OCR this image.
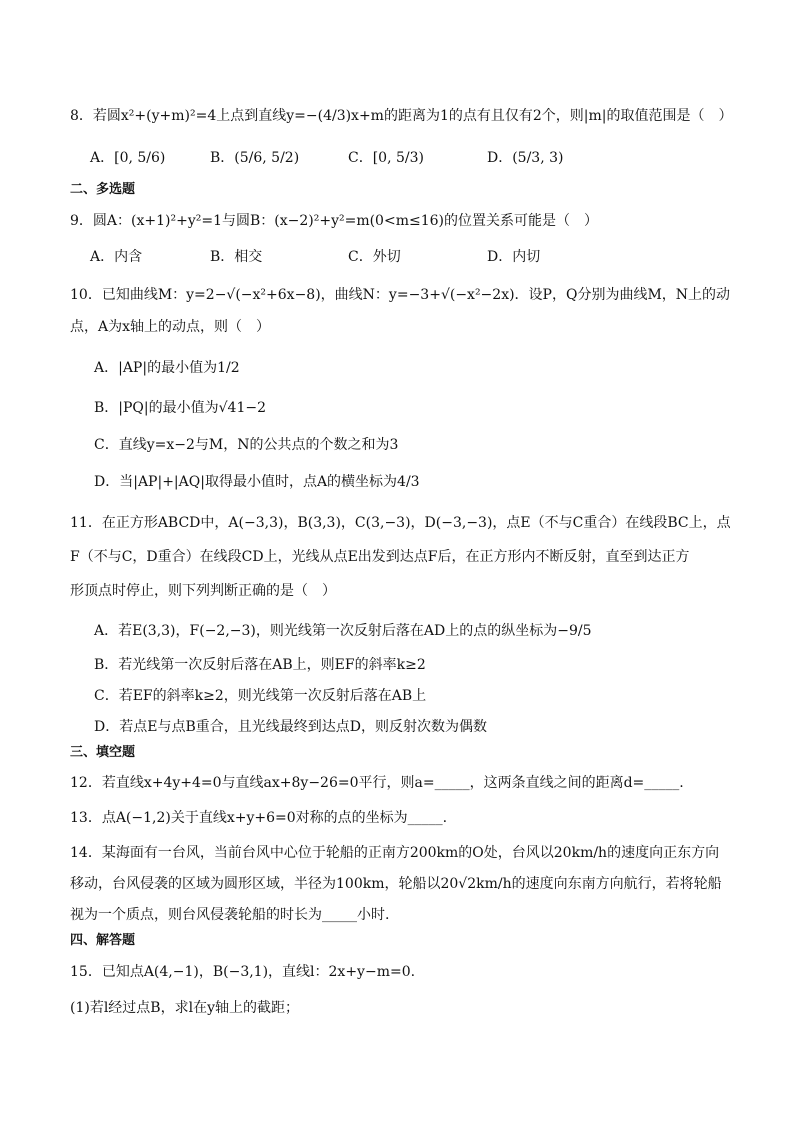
8．若圆x²+(y+m)²=4上点到直线y=−(4/3)x+m的距离为1的点有且仅有2个，则|m|的取值范围是（　）
A．[0, 5/6)	B．(5/6, 5/2)	C．[0, 5/3)	D．(5/3, 3)
二、多选题
9．圆A：(x+1)²+y²=1与圆B：(x−2)²+y²=m(0<m≤16)的位置关系可能是（　）
A．内含	B．相交	C．外切	D．内切
10．已知曲线M：y=2−√(−x²+6x−8)，曲线N：y=−3+√(−x²−2x)．设P，Q分别为曲线M，N上的动
点，A为x轴上的动点，则（　）
A．|AP|的最小值为1/2
B．|PQ|的最小值为√41−2
C．直线y=x−2与M，N的公共点的个数之和为3
D．当|AP|+|AQ|取得最小值时，点A的横坐标为4/3
11．在正方形ABCD中，A(−3,3)，B(3,3)，C(3,−3)，D(−3,−3)，点E（不与C重合）在线段BC上，点
F（不与C，D重合）在线段CD上，光线从点E出发到达点F后，在正方形内不断反射，直至到达正方
形顶点时停止，则下列判断正确的是（　）
A．若E(3,3)，F(−2,−3)，则光线第一次反射后落在AD上的点的纵坐标为−9/5
B．若光线第一次反射后落在AB上，则EF的斜率k≥2
C．若EF的斜率k≥2，则光线第一次反射后落在AB上
D．若点E与点B重合，且光线最终到达点D，则反射次数为偶数
三、填空题
12．若直线x+4y+4=0与直线ax+8y−26=0平行，则a=_____，这两条直线之间的距离d=_____.
13．点A(−1,2)关于直线x+y+6=0对称的点的坐标为_____.
14．某海面有一台风，当前台风中心位于轮船的正南方200km的O处，台风以20km/h的速度向正东方向
移动，台风侵袭的区域为圆形区域，半径为100km，轮船以20√2km/h的速度向东南方向航行，若将轮船
视为一个质点，则台风侵袭轮船的时长为_____小时.
四、解答题
15．已知点A(4,−1)，B(−3,1)，直线l：2x+y−m=0.
(1)若l经过点B，求l在y轴上的截距；
